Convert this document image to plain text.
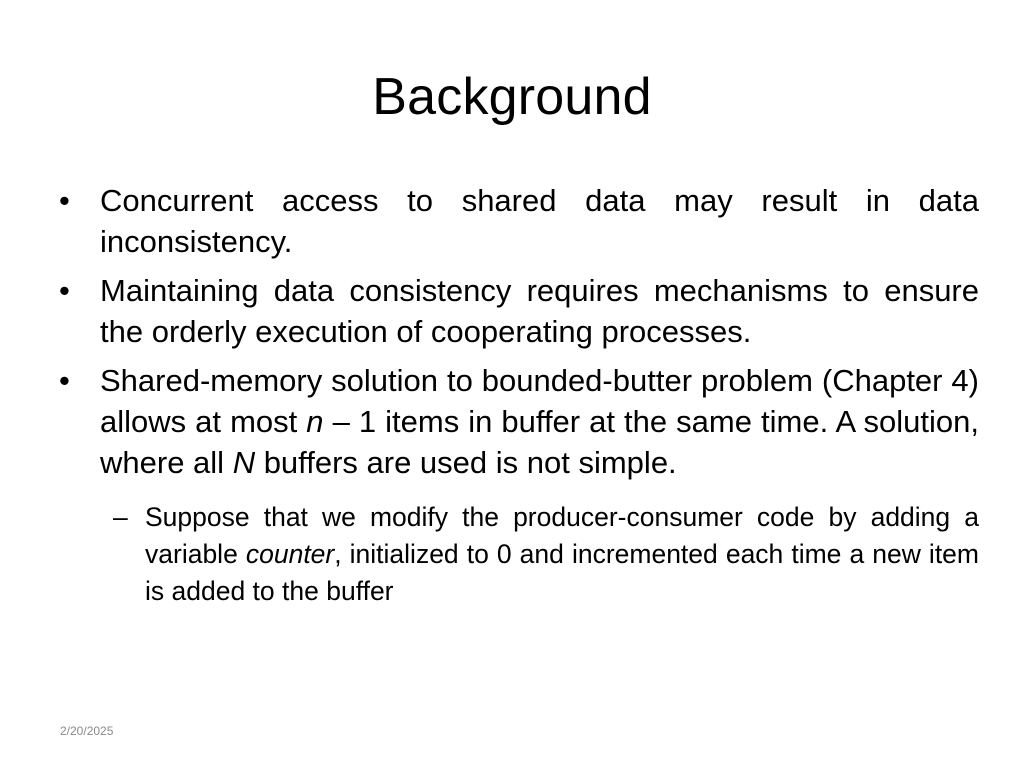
Background
• Concurrent access to shared data may result in data inconsistency.
• Maintaining data consistency requires mechanisms to ensure the orderly execution of cooperating processes.
• Shared-memory solution to bounded-butter problem (Chapter 4) allows at most n – 1 items in buffer at the same time. A solution, where all N buffers are used is not simple.
– Suppose that we modify the producer-consumer code by adding a variable counter, initialized to 0 and incremented each time a new item is added to the buffer
2/20/2025
